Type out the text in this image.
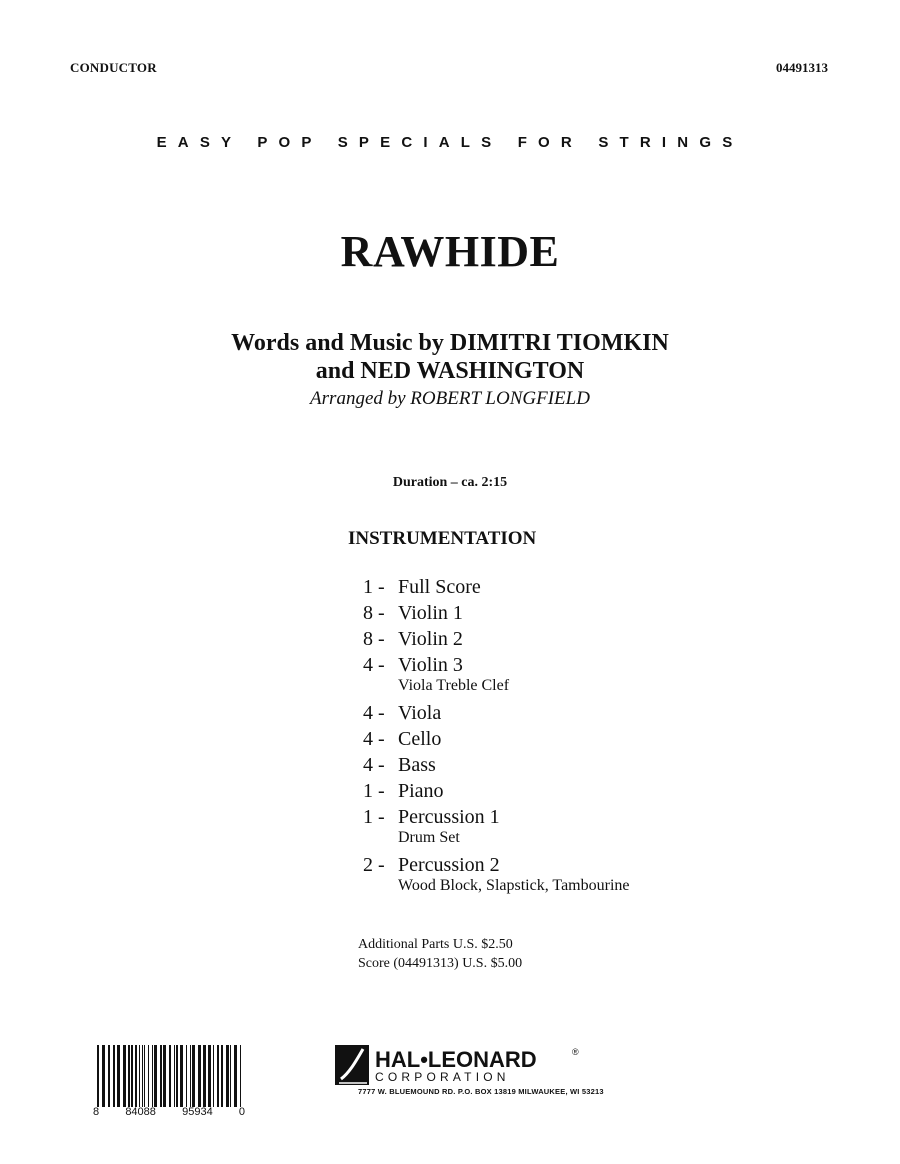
CONDUCTOR	04491313
EASY POP SPECIALS FOR STRINGS
RAWHIDE
Words and Music by DIMITRI TIOMKIN
and NED WASHINGTON
Arranged by ROBERT LONGFIELD
Duration – ca. 2:15
INSTRUMENTATION
1 - Full Score
8 - Violin 1
8 - Violin 2
4 - Violin 3
Viola Treble Clef
4 - Viola
4 - Cello
4 - Bass
1 - Piano
1 - Percussion 1
Drum Set
2 - Percussion 2
Wood Block, Slapstick, Tambourine
Additional Parts U.S. $2.50
Score (04491313) U.S. $5.00
8 84088 95934 0
HAL•LEONARD	®
CORPORATION
7777 W. BLUEMOUND RD. P.O. BOX 13819 MILWAUKEE, WI 53213
